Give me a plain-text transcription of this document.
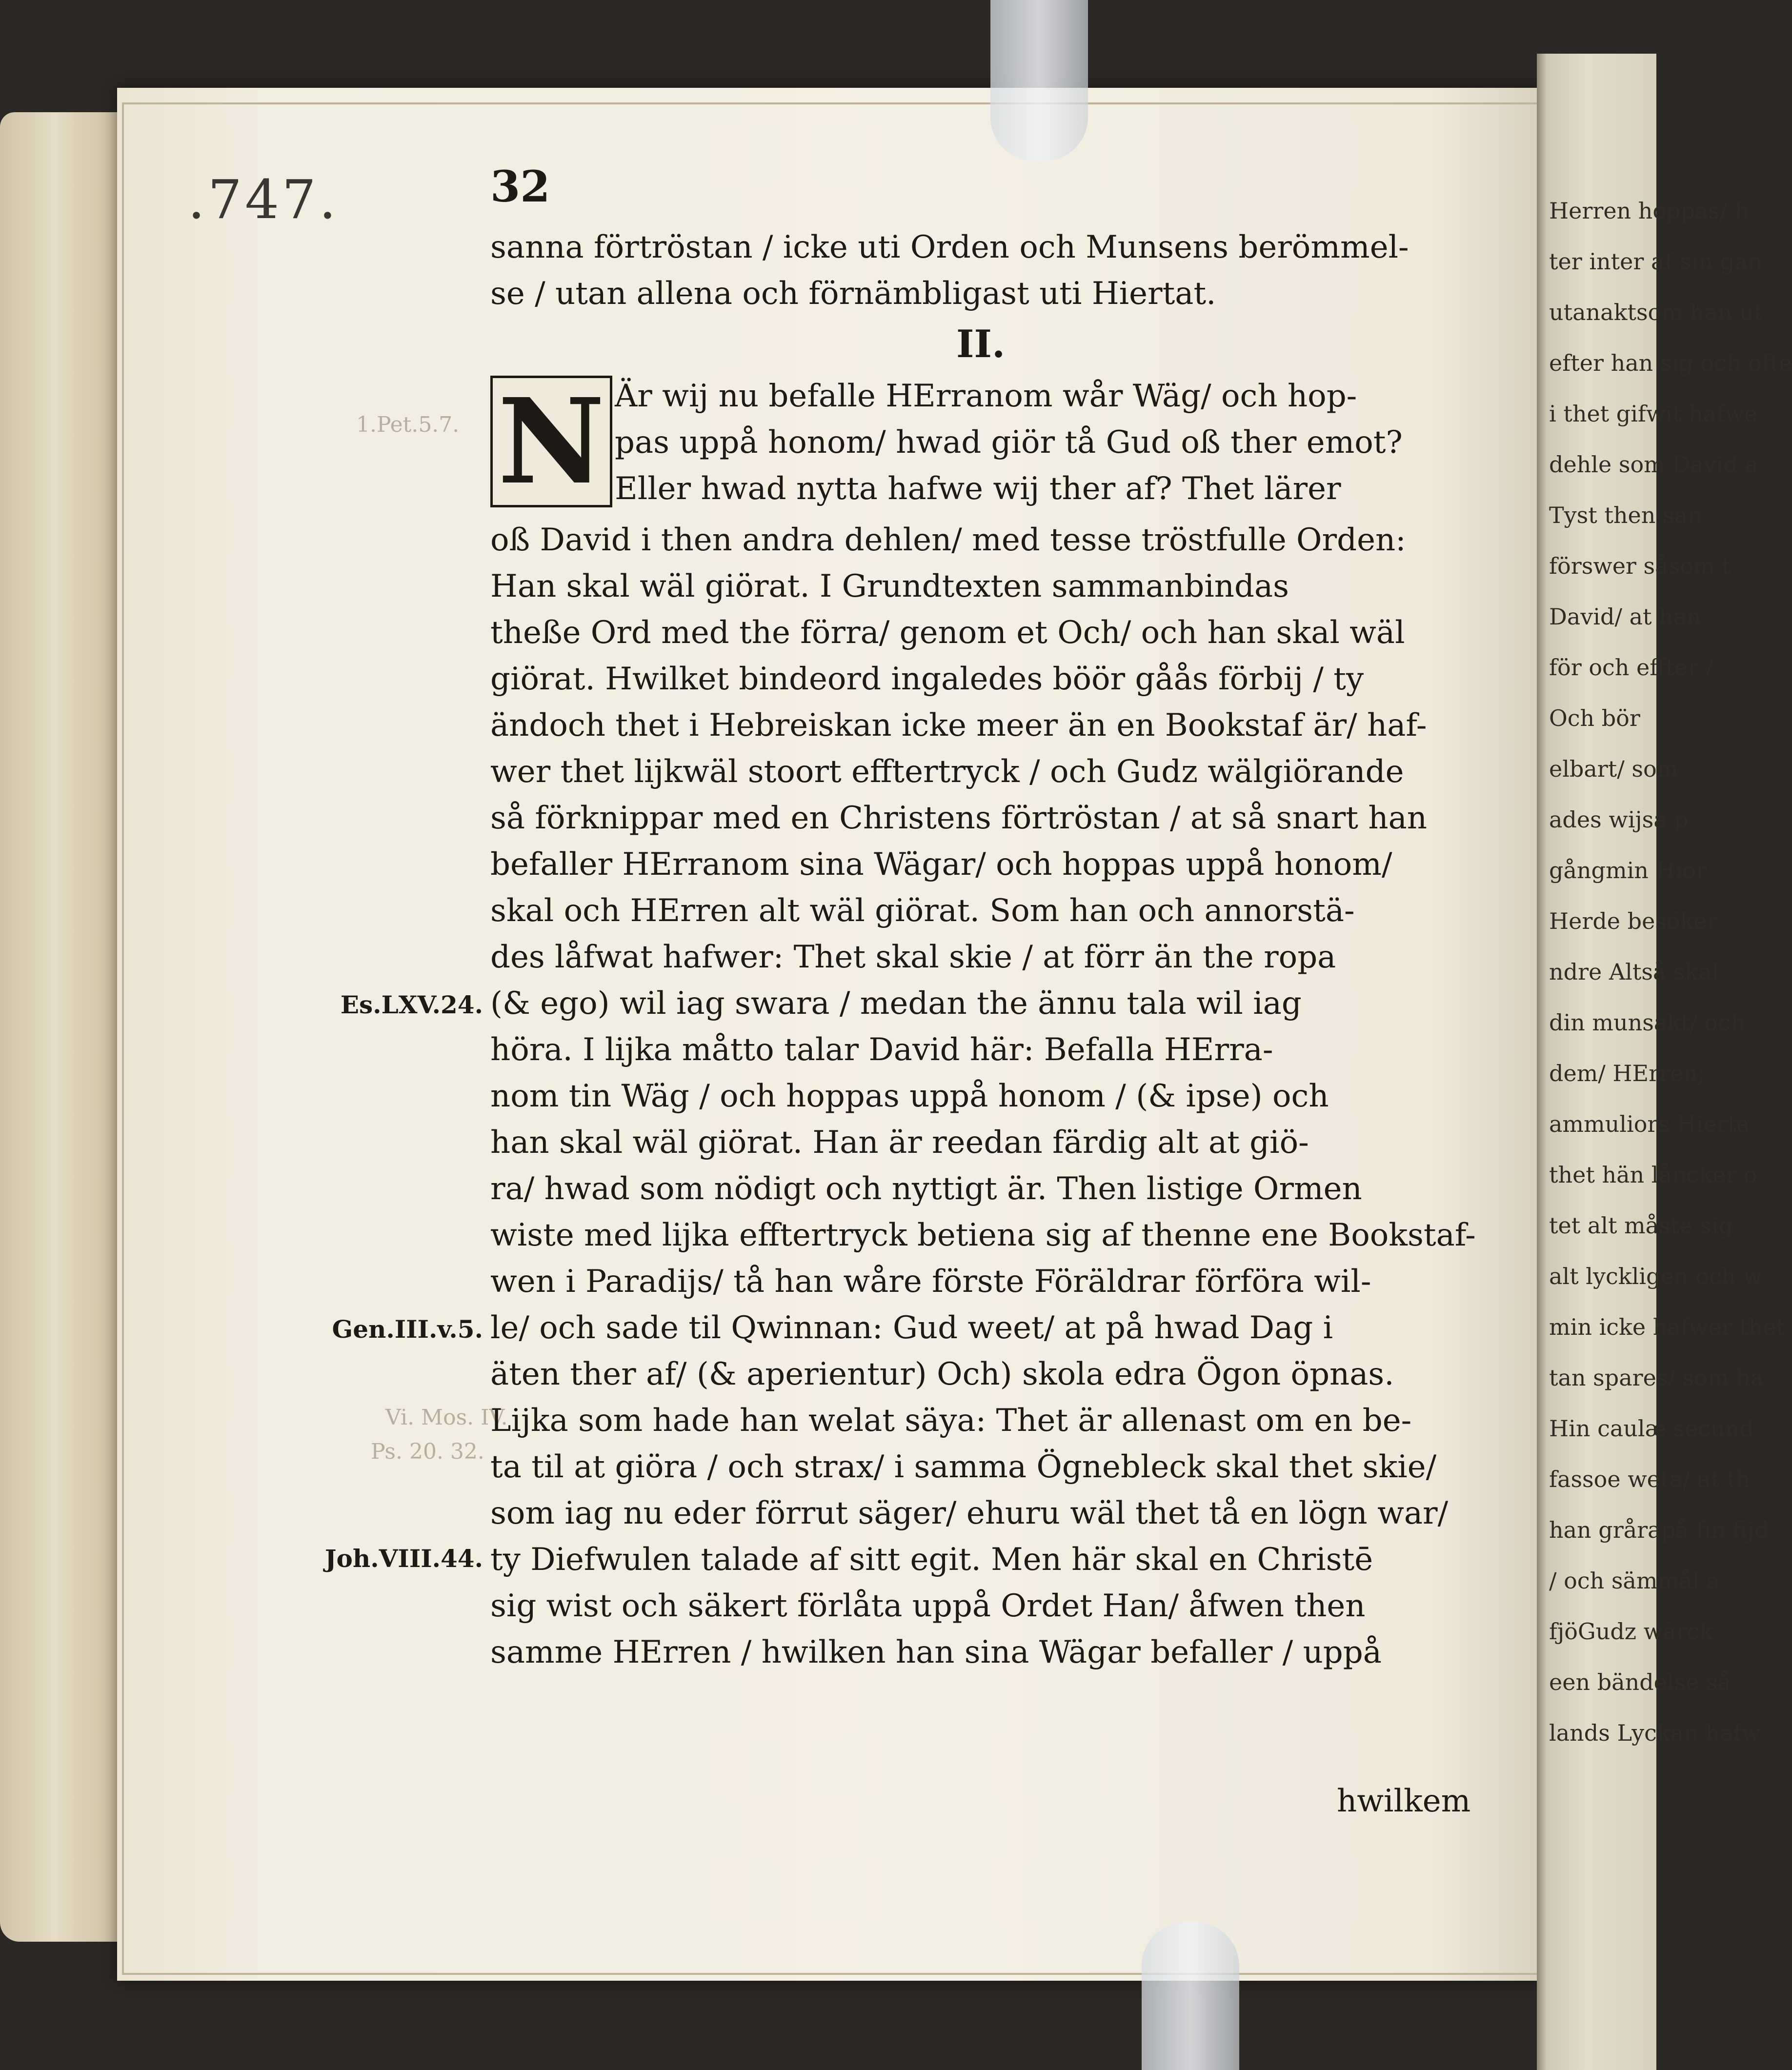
Herren hoppas/ h
ter inter af sin gan
utanaktsom han ut
efter han sig och ofte
i thet gifwit hafwe
dehle som David a
Tyst then san
förswer såsom t
David/ at han
för och effter /
Och bör
elbart/ som
ades wijsa p
gångmin Hior
Herde besöker
ndre Altså skal
din munsäkt/ och
dem/ HErren;
ammuliors Hierta
thet hän låncker o
tet alt måste sig
alt lyckligen och w
min icke hafwer thet
tan spares/ som ha
Hin caulæ secund
fassoe weta/ at th
han grårapå fin fijd
/ och sämmål a
fjöGudz wärck
een bändelse så
lands Lyckan hafw
1.Pet.5.7.
Vi. Mos. IV.
Ps. 20. 32.
.747.	32
II.
N
sanna förtröstan / icke uti Orden och Munsens berömmel-
se / utan allena och förnämbligast uti Hiertat.
Är wij nu befalle HErranom wår Wäg/ och hop-
pas uppå honom/ hwad giör tå Gud oß ther emot?
Eller hwad nytta hafwe wij ther af? Thet lärer
oß David i then andra dehlen/ med tesse tröstfulle Orden:
Han skal wäl giörat. I Grundtexten sammanbindas
theße Ord med the förra/ genom et Och/ och han skal wäl
giörat. Hwilket bindeord ingaledes böör gåås förbij / ty
ändoch thet i Hebreiskan icke meer än en Bookstaf är/ haf-
wer thet lijkwäl stoort efftertryck / och Gudz wälgiörande
så förknippar med en Christens förtröstan / at så snart han
befaller HErranom sina Wägar/ och hoppas uppå honom/
skal och HErren alt wäl giörat. Som han och annorstä-
des låfwat hafwer: Thet skal skie / at förr än the ropa
(& ego) wil iag swara / medan the ännu tala wil iag
höra. I lijka måtto talar David här: Befalla HErra-
nom tin Wäg / och hoppas uppå honom / (& ipse) och
han skal wäl giörat. Han är reedan färdig alt at giö-
ra/ hwad som nödigt och nyttigt är. Then listige Ormen
wiste med lijka efftertryck betiena sig af thenne ene Bookstaf-
wen i Paradijs/ tå han wåre förste Föräldrar förföra wil-
le/ och sade til Qwinnan: Gud weet/ at på hwad Dag i
äten ther af/ (& aperientur) Och) skola edra Ögon öpnas.
Lijka som hade han welat säya: Thet är allenast om en be-
ta til at giöra / och strax/ i samma Ögnebleck skal thet skie/
som iag nu eder förrut säger/ ehuru wäl thet tå en lögn war/
ty Diefwulen talade af sitt egit. Men här skal en Christē
sig wist och säkert förlåta uppå Ordet Han/ åfwen then
samme HErren / hwilken han sina Wägar befaller / uppå
hwilkem
Es.LXV.24.
Gen.III.v.5.
Joh.VIII.44.
